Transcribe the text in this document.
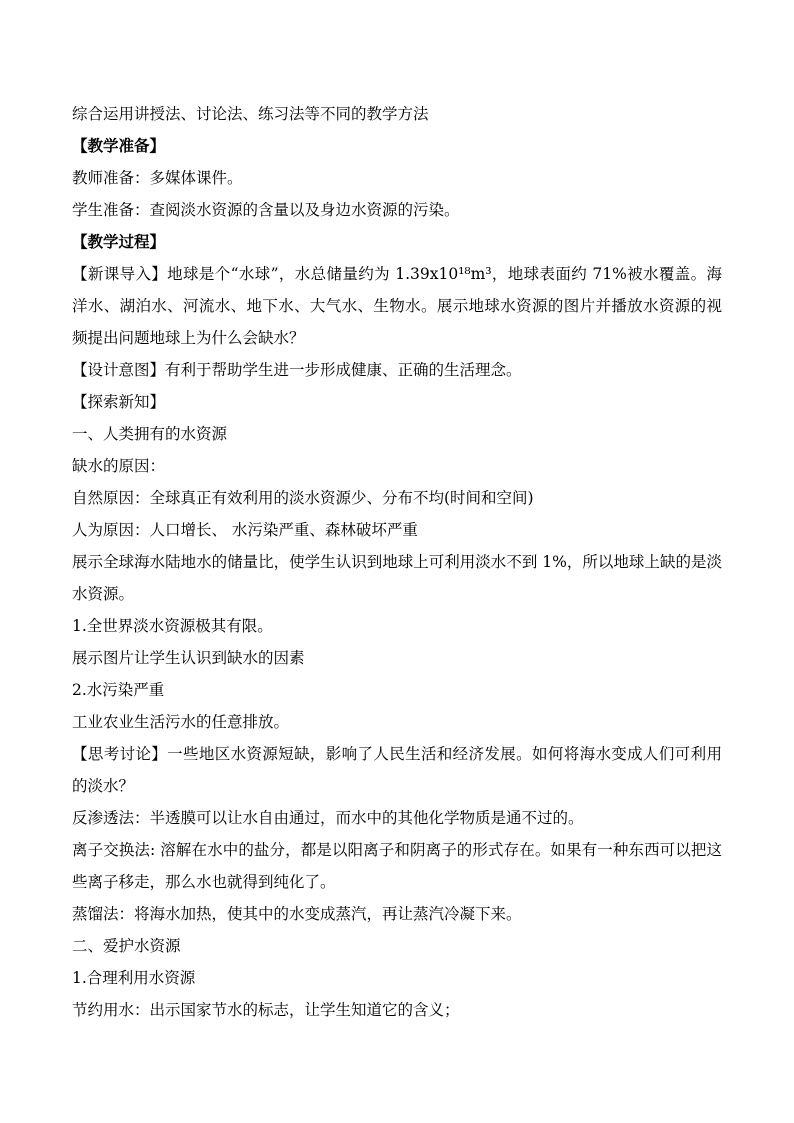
综合运用讲授法、讨论法、练习法等不同的教学方法
【教学准备】
教师准备：多媒体课件。
学生准备：查阅淡水资源的含量以及身边水资源的污染。
【教学过程】
【新课导入】地球是个“水球”，水总储量约为 1.39x10¹⁸m³，地球表面约 71%被水覆盖。海洋水、湖泊水、河流水、地下水、大气水、生物水。展示地球水资源的图片并播放水资源的视频提出问题地球上为什么会缺水？
【设计意图】有利于帮助学生进一步形成健康、正确的生活理念。
【探索新知】
一、人类拥有的水资源
缺水的原因：
自然原因：全球真正有效利用的淡水资源少、分布不均(时间和空间)
人为原因：人口增长、 水污染严重、森林破坏严重
展示全球海水陆地水的储量比，使学生认识到地球上可利用淡水不到 1%，所以地球上缺的是淡水资源。
1.全世界淡水资源极其有限。
展示图片让学生认识到缺水的因素
2.水污染严重
工业农业生活污水的任意排放。
【思考讨论】一些地区水资源短缺，影响了人民生活和经济发展。如何将海水变成人们可利用的淡水？
反渗透法：半透膜可以让水自由通过，而水中的其他化学物质是通不过的。
离子交换法: 溶解在水中的盐分，都是以阳离子和阴离子的形式存在。如果有一种东西可以把这些离子移走，那么水也就得到纯化了。
蒸馏法：将海水加热，使其中的水变成蒸汽，再让蒸汽冷凝下来。
二、爱护水资源
1.合理利用水资源
节约用水：出示国家节水的标志，让学生知道它的含义；
